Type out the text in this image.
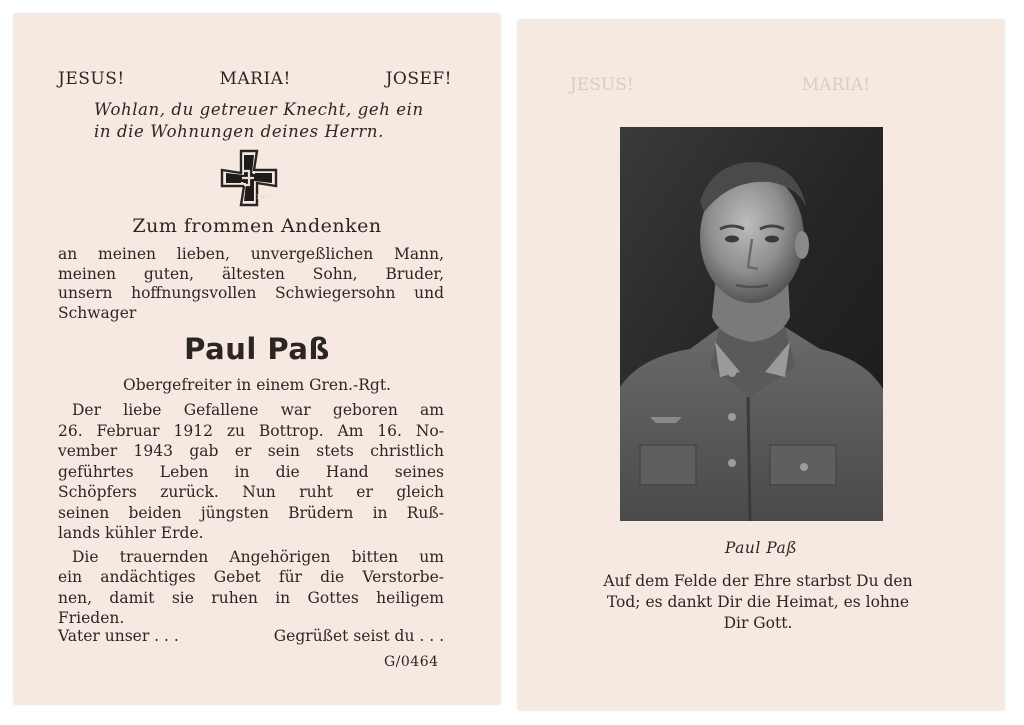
JESUS!	MARIA!	JOSEF!
Wohlan, du getreuer Knecht, geh ein
in die Wohnungen deines Herrn.
1939
Zum frommen Andenken
an meinen lieben, unvergeßlichen Mann,
meinen guten, ältesten Sohn, Bruder,
unsern hoffnungsvollen Schwiegersohn und
Schwager
Paul Paß
Obergefreiter in einem Gren.-Rgt.
Der liebe Gefallene war geboren am
26. Februar 1912 zu Bottrop. Am 16. No-
vember 1943 gab er sein stets christlich
geführtes Leben in die Hand seines
Schöpfers zurück. Nun ruht er gleich
seinen beiden jüngsten Brüdern in Ruß-
lands kühler Erde.
Die trauernden Angehörigen bitten um
ein andächtiges Gebet für die Verstorbe-
nen, damit sie ruhen in Gottes heiligem
Frieden.
Vater unser . . .	Gegrüßet seist du . . .
G/0464
JESUS!	MARIA!
Paul Paß
Auf dem Felde der Ehre starbst Du den
Tod; es dankt Dir die Heimat, es lohne
Dir Gott.
